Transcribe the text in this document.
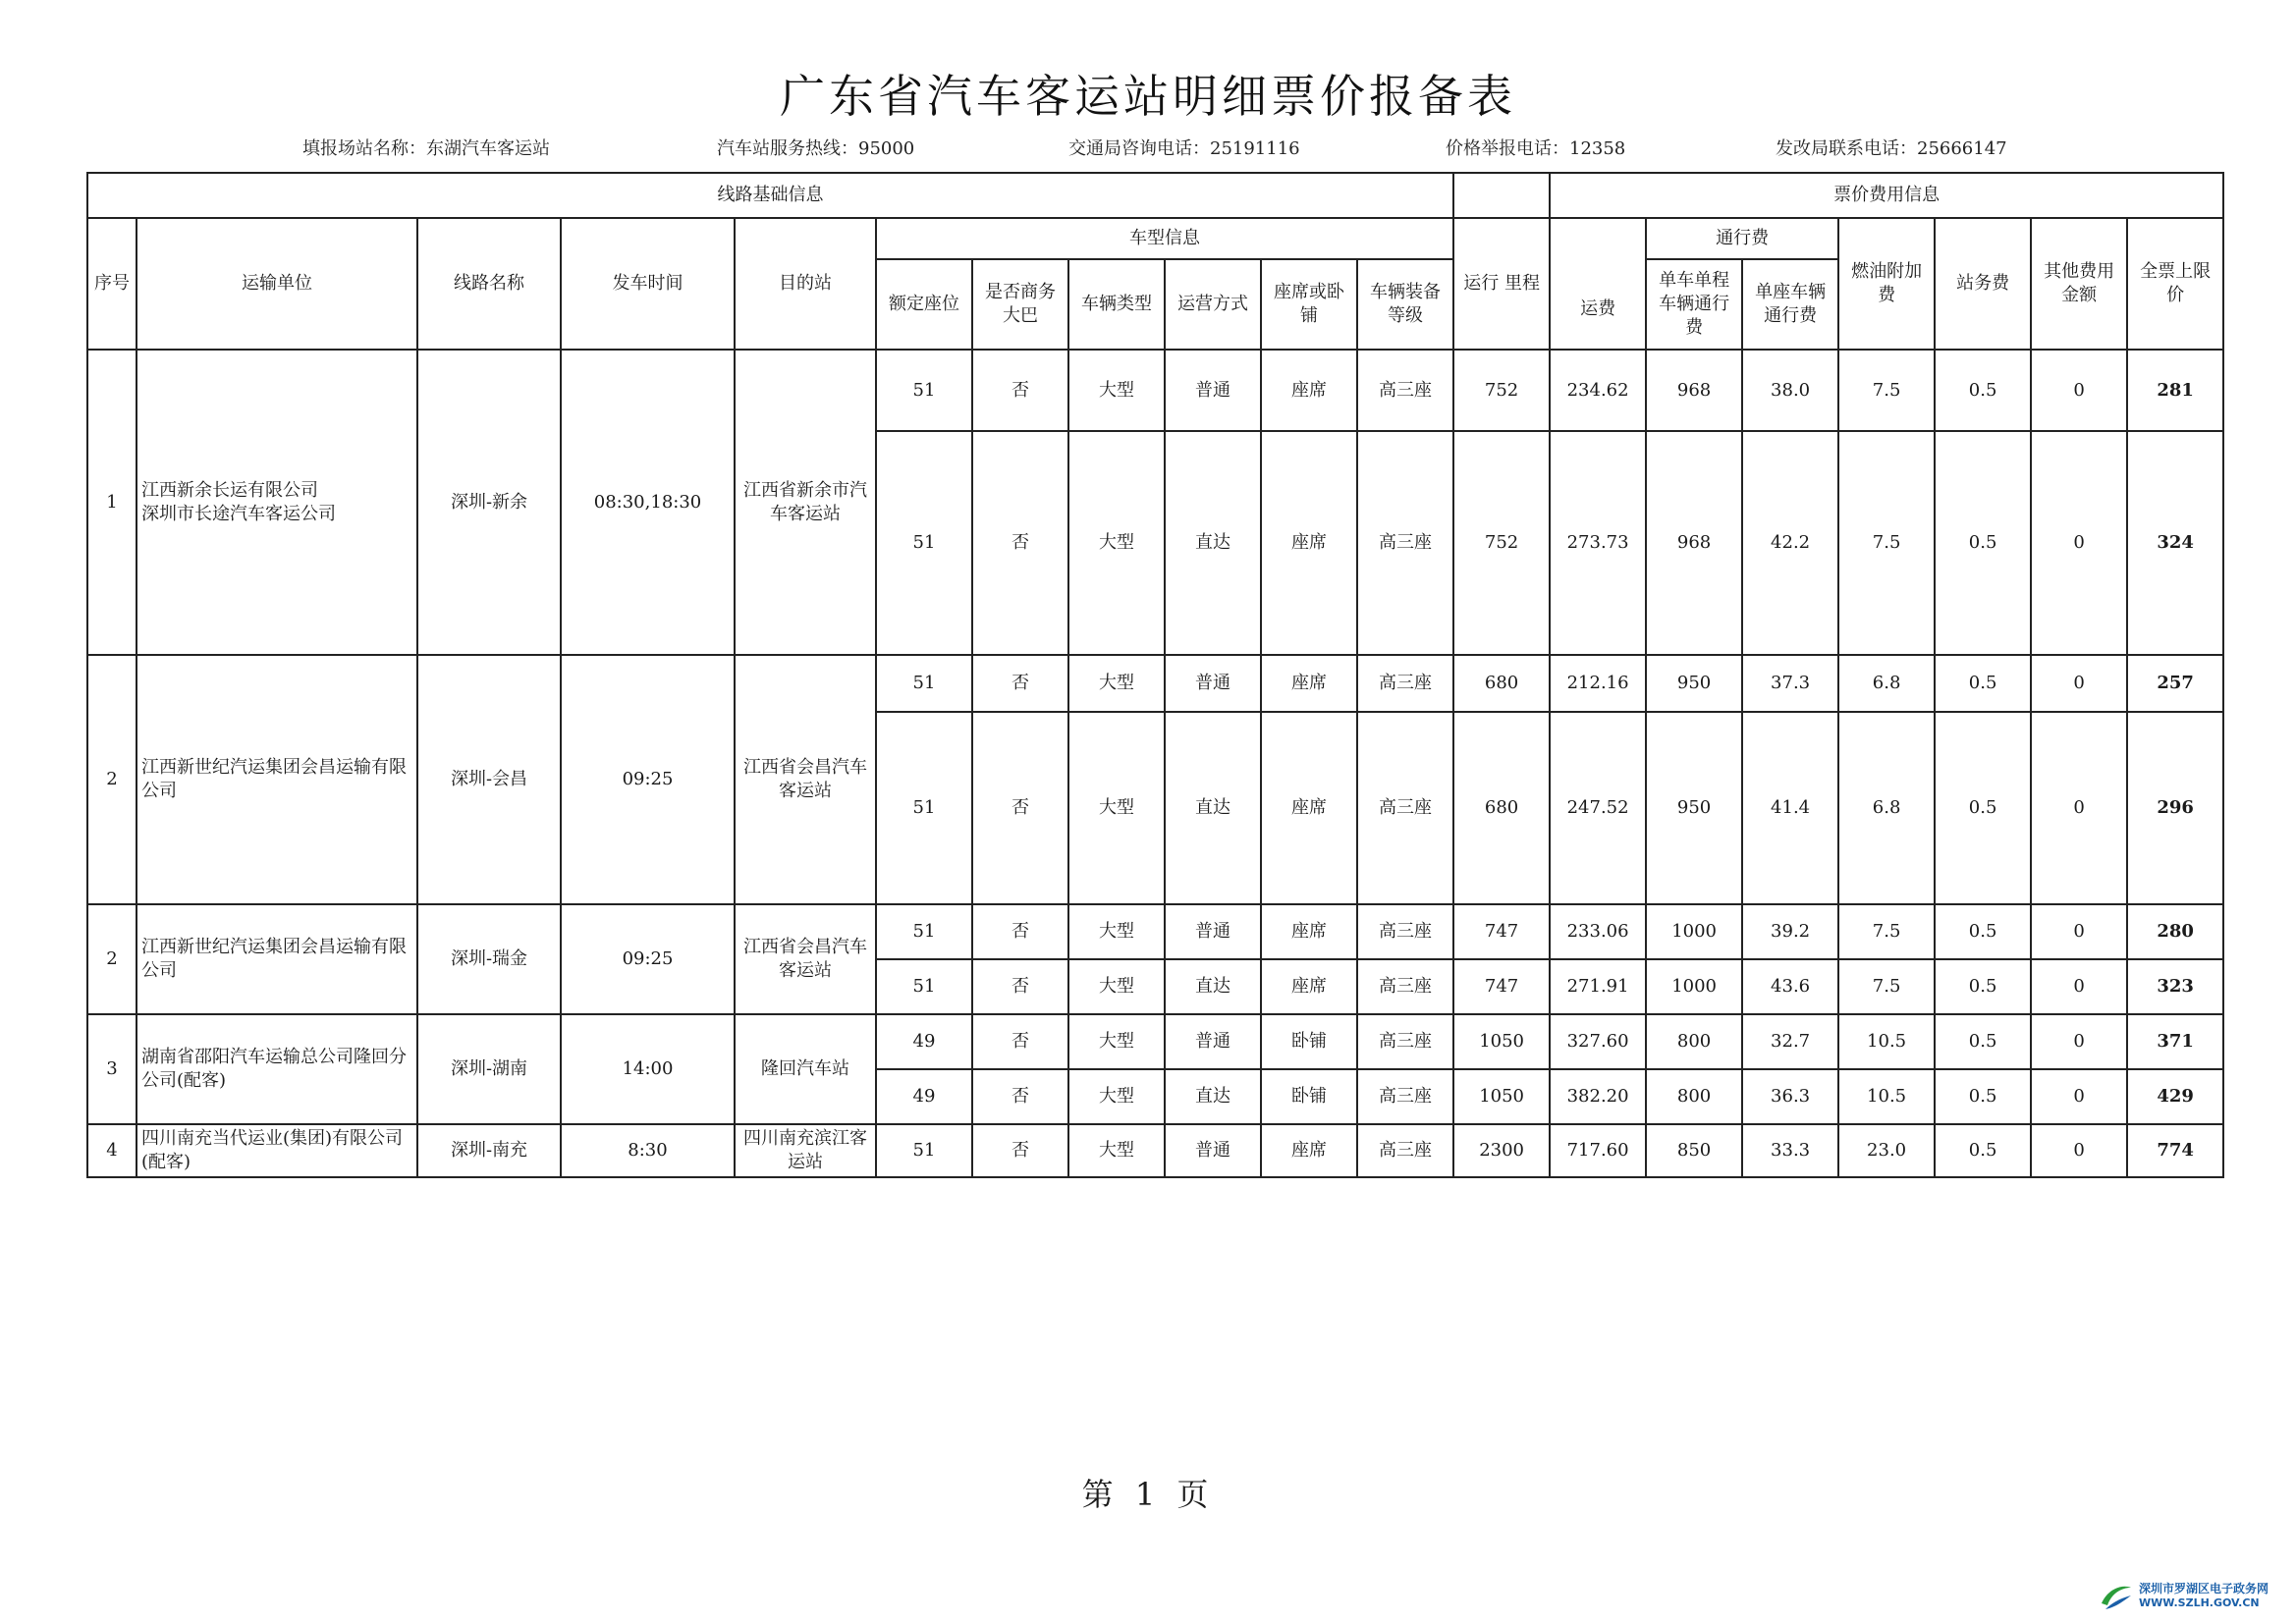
广东省汽车客运站明细票价报备表
填报场站名称：东湖汽车客运站	汽车站服务热线：95000	交通局咨询电话：25191116	价格举报电话：12358	发改局联系电话：25666147
线路基础信息												票价费用信息						
序号	运输单位	线路名称	发车时间	目的站	车型信息						运行 里程	运费	通行费		燃油附加费	站务费	其他费用金额	全票上限价
					额定座位	是否商务大巴	车辆类型	运营方式	座席或卧铺	车辆装备等级			单车单程车辆通行费	单座车辆通行费				
1	江西新余长运有限公司
深圳市长途汽车客运公司	深圳-新余	08:30,18:30	江西省新余市汽车客运站	51	否	大型	普通	座席	高三座	752	234.62	968	38.0	7.5	0.5	0	281
					51	否	大型	直达	座席	高三座	752	273.73	968	42.2	7.5	0.5	0	324
2	江西新世纪汽运集团会昌运输有限公司	深圳-会昌	09:25	江西省会昌汽车客运站	51	否	大型	普通	座席	高三座	680	212.16	950	37.3	6.8	0.5	0	257
					51	否	大型	直达	座席	高三座	680	247.52	950	41.4	6.8	0.5	0	296
2	江西新世纪汽运集团会昌运输有限公司	深圳-瑞金	09:25	江西省会昌汽车客运站	51	否	大型	普通	座席	高三座	747	233.06	1000	39.2	7.5	0.5	0	280
					51	否	大型	直达	座席	高三座	747	271.91	1000	43.6	7.5	0.5	0	323
3	湖南省邵阳汽车运输总公司隆回分公司(配客)	深圳-湖南	14:00	隆回汽车站	49	否	大型	普通	卧铺	高三座	1050	327.60	800	32.7	10.5	0.5	0	371
					49	否	大型	直达	卧铺	高三座	1050	382.20	800	36.3	10.5	0.5	0	429
4	四川南充当代运业(集团)有限公司(配客)	深圳-南充	8:30	四川南充滨江客运站	51	否	大型	普通	座席	高三座	2300	717.60	850	33.3	23.0	0.5	0	774
第 1 页
深圳市罗湖区电子政务网
WWW.SZLH.GOV.CN
